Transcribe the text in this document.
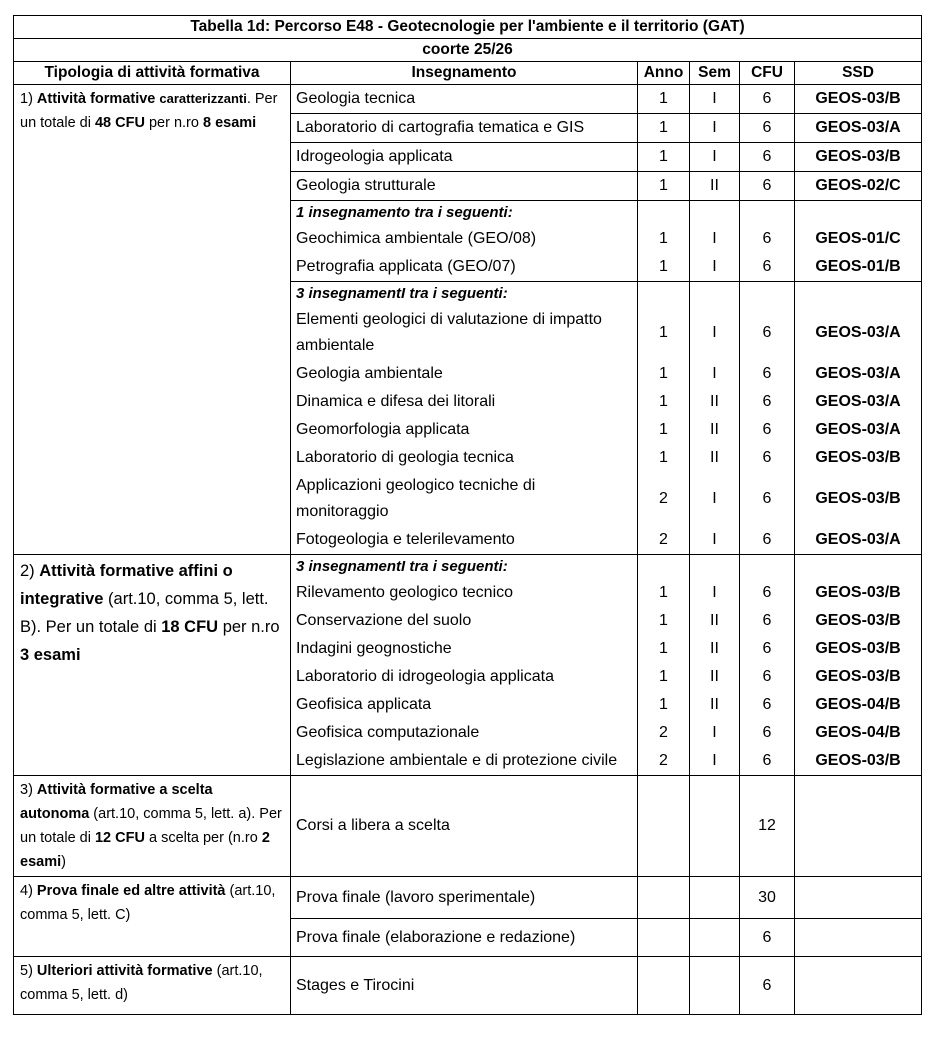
Tabella 1d: Percorso E48 - Geotecnologie per l'ambiente e il territorio (GAT)					
coorte 25/26					
Tipologia di attività formativa	Insegnamento	Anno	Sem	CFU	SSD
1) Attività formative caratterizzanti. Per un totale di 48 CFU per n.ro 8 esami	Geologia tecnica	1	I	6	GEOS-03/B
	Laboratorio di cartografia tematica e GIS	1	I	6	GEOS-03/A
	Idrogeologia applicata	1	I	6	GEOS-03/B
	Geologia strutturale	1	II	6	GEOS-02/C
	1 insegnamento tra i seguenti:				
	Geochimica ambientale (GEO/08)	1	I	6	GEOS-01/C
	Petrografia applicata (GEO/07)	1	I	6	GEOS-01/B
	3 insegnamentI tra i seguenti:				
	Elementi geologici di valutazione di impatto ambientale	1	I	6	GEOS-03/A
	Geologia ambientale	1	I	6	GEOS-03/A
	Dinamica e difesa dei litorali	1	II	6	GEOS-03/A
	Geomorfologia applicata	1	II	6	GEOS-03/A
	Laboratorio di geologia tecnica	1	II	6	GEOS-03/B
	Applicazioni geologico tecniche di monitoraggio	2	I	6	GEOS-03/B
	Fotogeologia e telerilevamento	2	I	6	GEOS-03/A
2) Attività formative affini o integrative (art.10, comma 5, lett. B). Per un totale di 18 CFU per n.ro 3 esami	3 insegnamentI tra i seguenti:				
	Rilevamento geologico tecnico	1	I	6	GEOS-03/B
	Conservazione del suolo	1	II	6	GEOS-03/B
	Indagini geognostiche	1	II	6	GEOS-03/B
	Laboratorio di idrogeologia applicata	1	II	6	GEOS-03/B
	Geofisica applicata	1	II	6	GEOS-04/B
	Geofisica computazionale	2	I	6	GEOS-04/B
	Legislazione ambientale e di protezione civile	2	I	6	GEOS-03/B
3) Attività formative a scelta autonoma (art.10, comma 5, lett. a). Per un totale di 12 CFU a scelta per (n.ro 2 esami)	Corsi a libera a scelta			12	
4) Prova finale ed altre attività (art.10, comma 5, lett. C)	Prova finale (lavoro sperimentale)			30	
	Prova finale (elaborazione e redazione)			6	
5) Ulteriori attività formative (art.10, comma 5, lett. d)	Stages e Tirocini			6	
